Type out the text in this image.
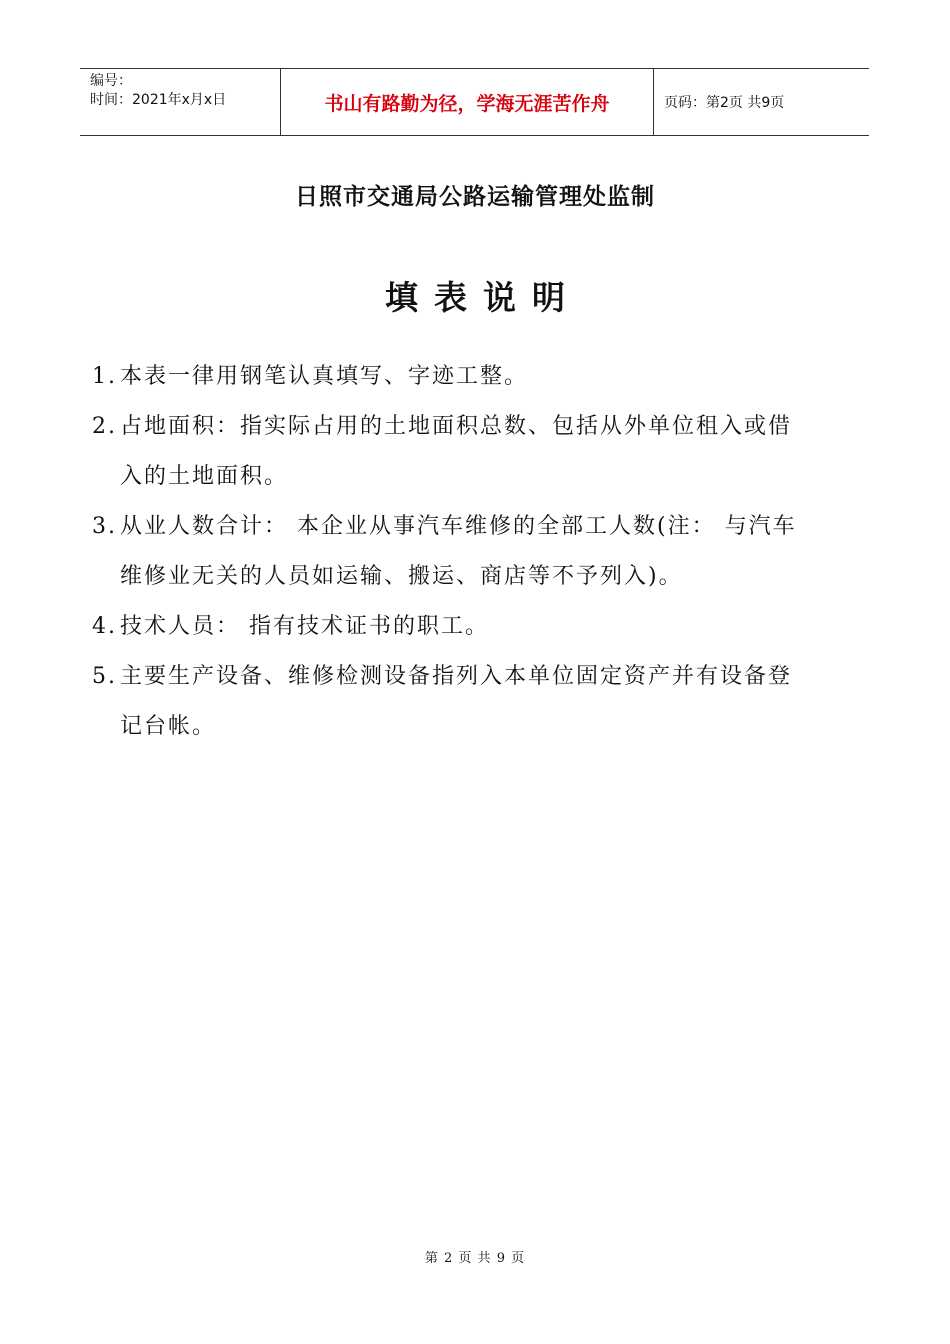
编号：
时间：2021年x月x日	书山有路勤为径，学海无涯苦作舟	页码：第2页 共9页
日照市交通局公路运输管理处监制
填表说明
1. 本表一律用钢笔认真填写、字迹工整。
2. 占地面积：指实际占用的土地面积总数、包括从外单位租入或借
入的土地面积。
3. 从业人数合计： 本企业从事汽车维修的全部工人数(注： 与汽车
维修业无关的人员如运输、搬运、商店等不予列入)。
4. 技术人员： 指有技术证书的职工。
5. 主要生产设备、维修检测设备指列入本单位固定资产并有设备登
记台帐。
第 2 页 共 9 页
